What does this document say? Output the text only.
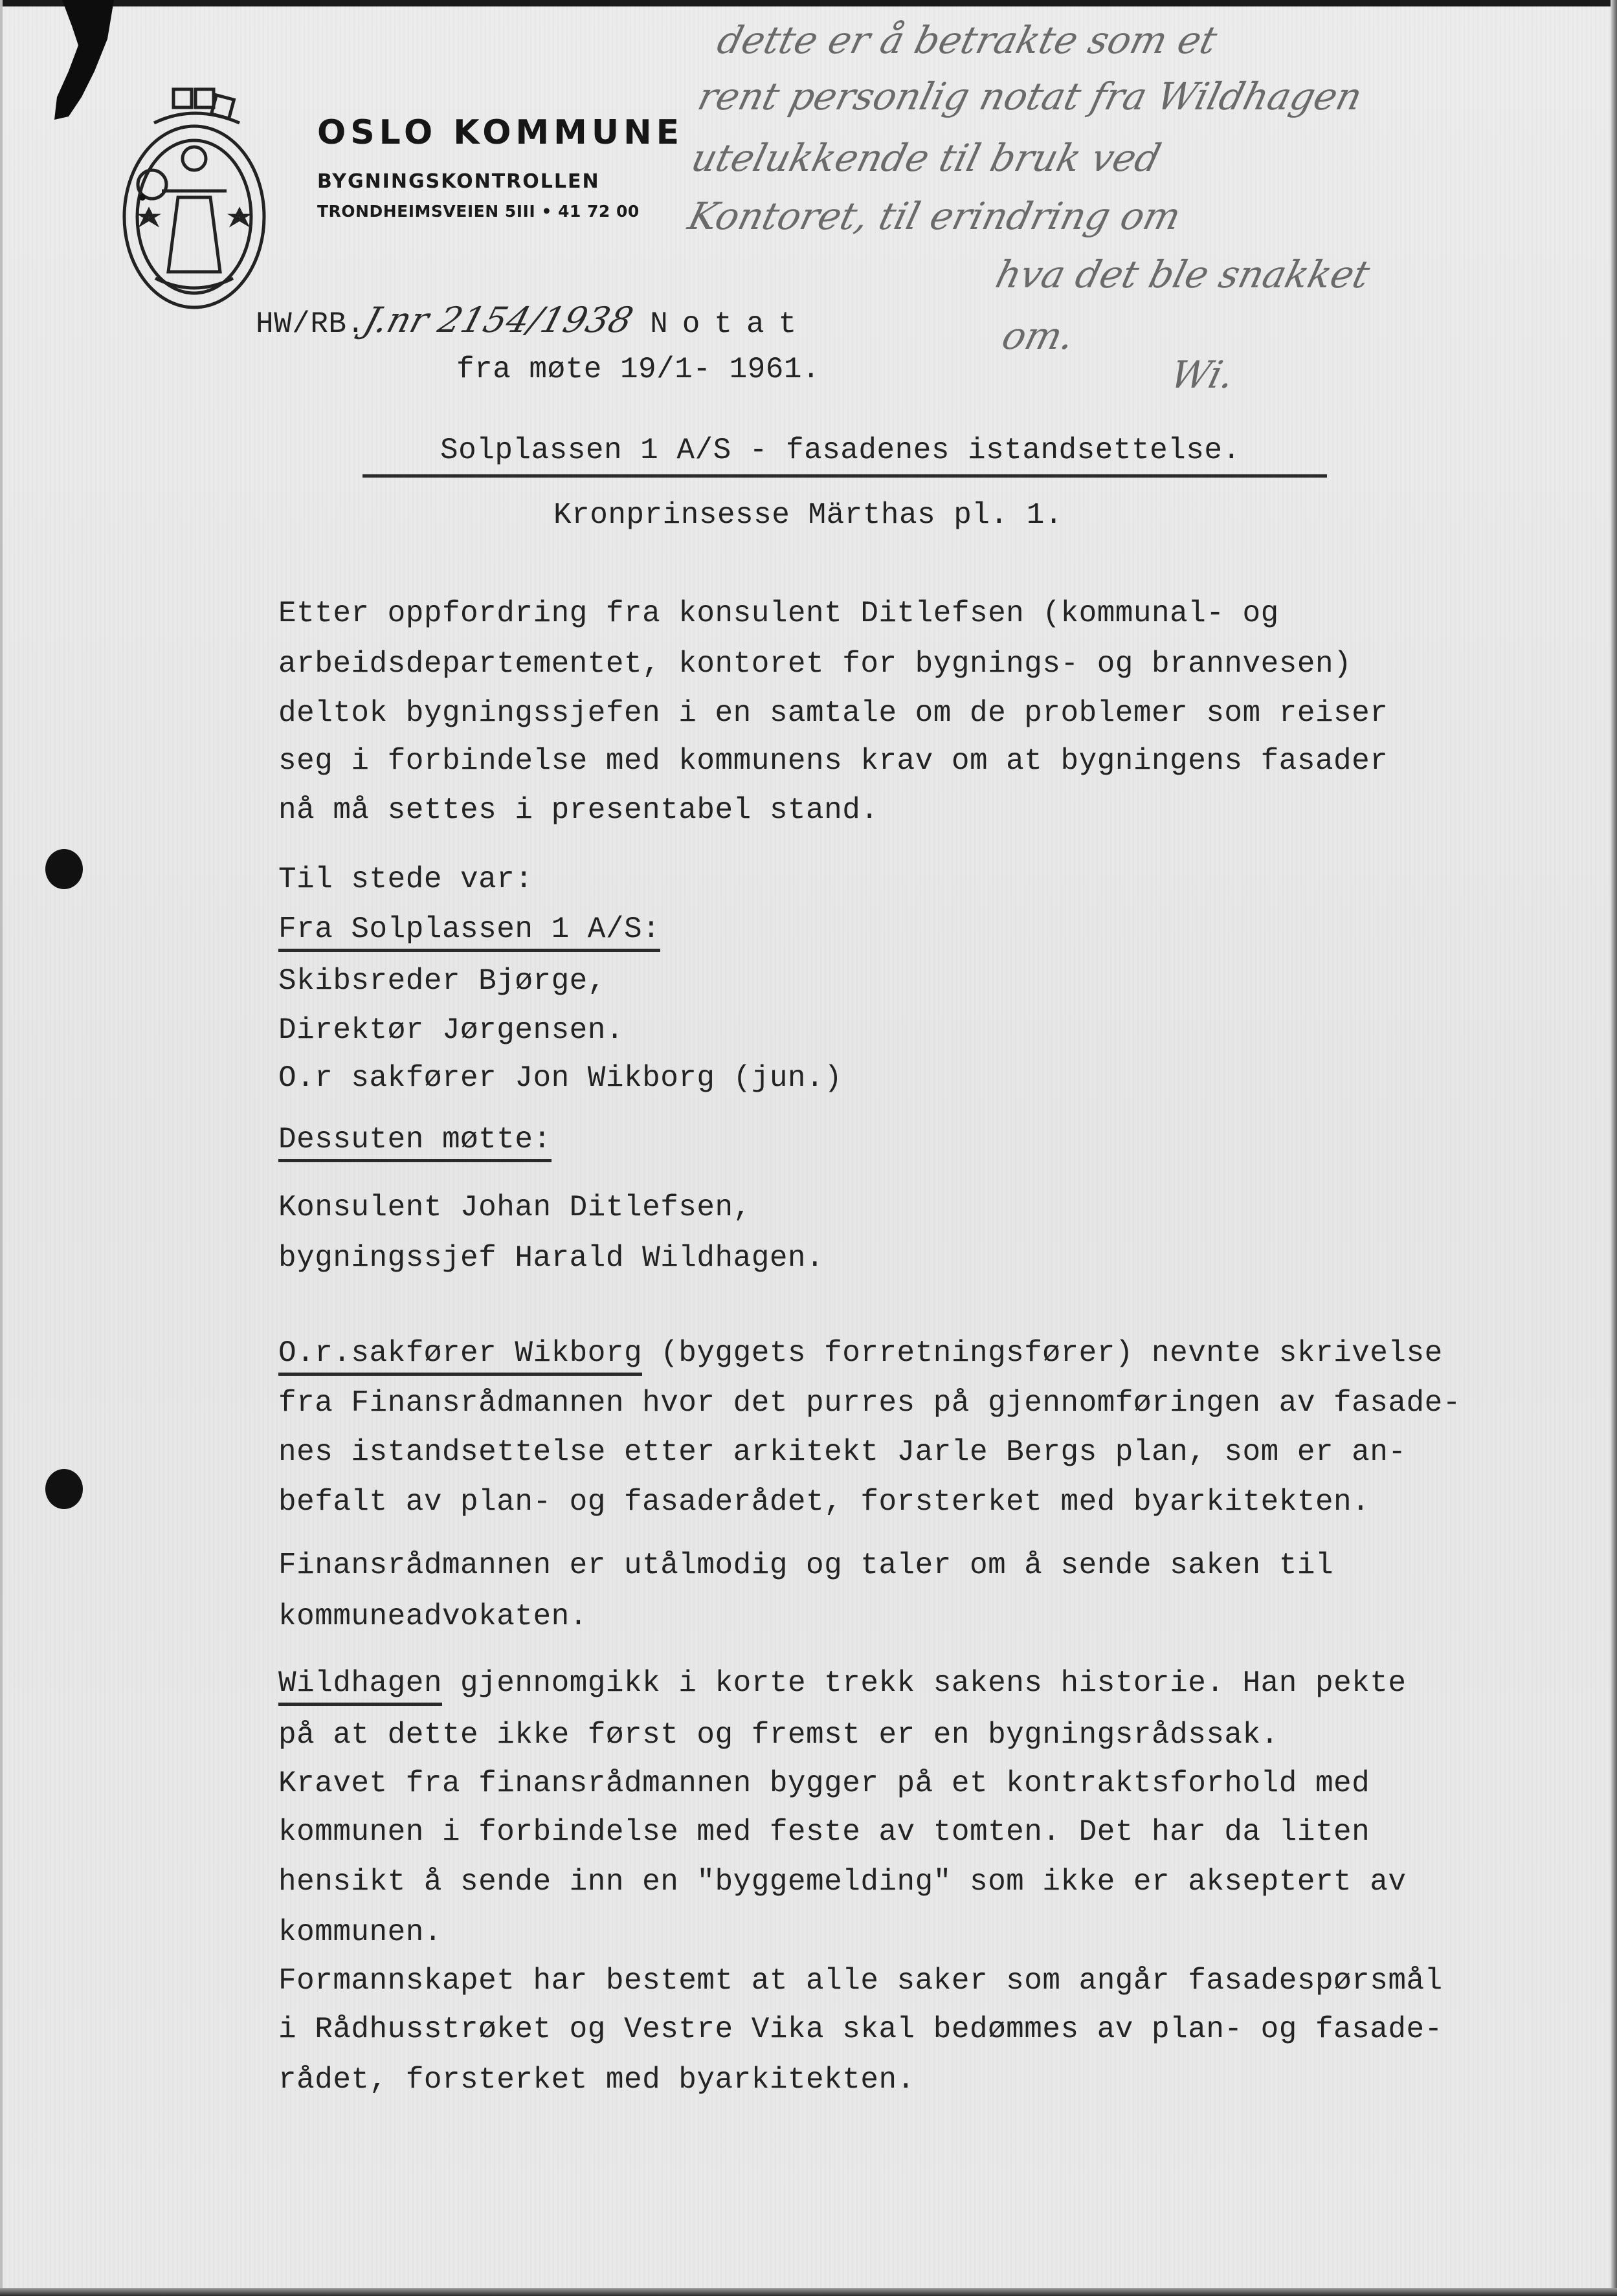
OSLO KOMMUNE
BYGNINGSKONTROLLEN
TRONDHEIMSVEIEN 5III • 41 72 00
dette er å betrakte som et
rent personlig notat fra Wildhagen
utelukkende til bruk ved
Kontoret, til erindring om
hva det ble snakket
om.
Wi.
HW/RB.J.nr 2154/1938 Notat
fra møte 19/1- 1961.
Solplassen 1 A/S - fasadenes istandsettelse.
Kronprinsesse Märthas pl. 1.
Etter oppfordring fra konsulent Ditlefsen (kommunal- og
arbeidsdepartementet, kontoret for bygnings- og brannvesen)
deltok bygningssjefen i en samtale om de problemer som reiser
seg i forbindelse med kommunens krav om at bygningens fasader
nå må settes i presentabel stand.
Til stede var:
Fra Solplassen 1 A/S:
Skibsreder Bjørge,
Direktør Jørgensen.
O.r sakfører Jon Wikborg (jun.)
Dessuten møtte:
Konsulent Johan Ditlefsen,
bygningssjef Harald Wildhagen.
O.r.sakfører Wikborg (byggets forretningsfører) nevnte skrivelse
fra Finansrådmannen hvor det purres på gjennomføringen av fasade-
nes istandsettelse etter arkitekt Jarle Bergs plan, som er an-
befalt av plan- og fasaderådet, forsterket med byarkitekten.
Finansrådmannen er utålmodig og taler om å sende saken til
kommuneadvokaten.
Wildhagen gjennomgikk i korte trekk sakens historie. Han pekte
på at dette ikke først og fremst er en bygningsrådssak.
Kravet fra finansrådmannen bygger på et kontraktsforhold med
kommunen i forbindelse med feste av tomten. Det har da liten
hensikt å sende inn en "byggemelding" som ikke er akseptert av
kommunen.
Formannskapet har bestemt at alle saker som angår fasadespørsmål
i Rådhusstrøket og Vestre Vika skal bedømmes av plan- og fasade-
rådet, forsterket med byarkitekten.
